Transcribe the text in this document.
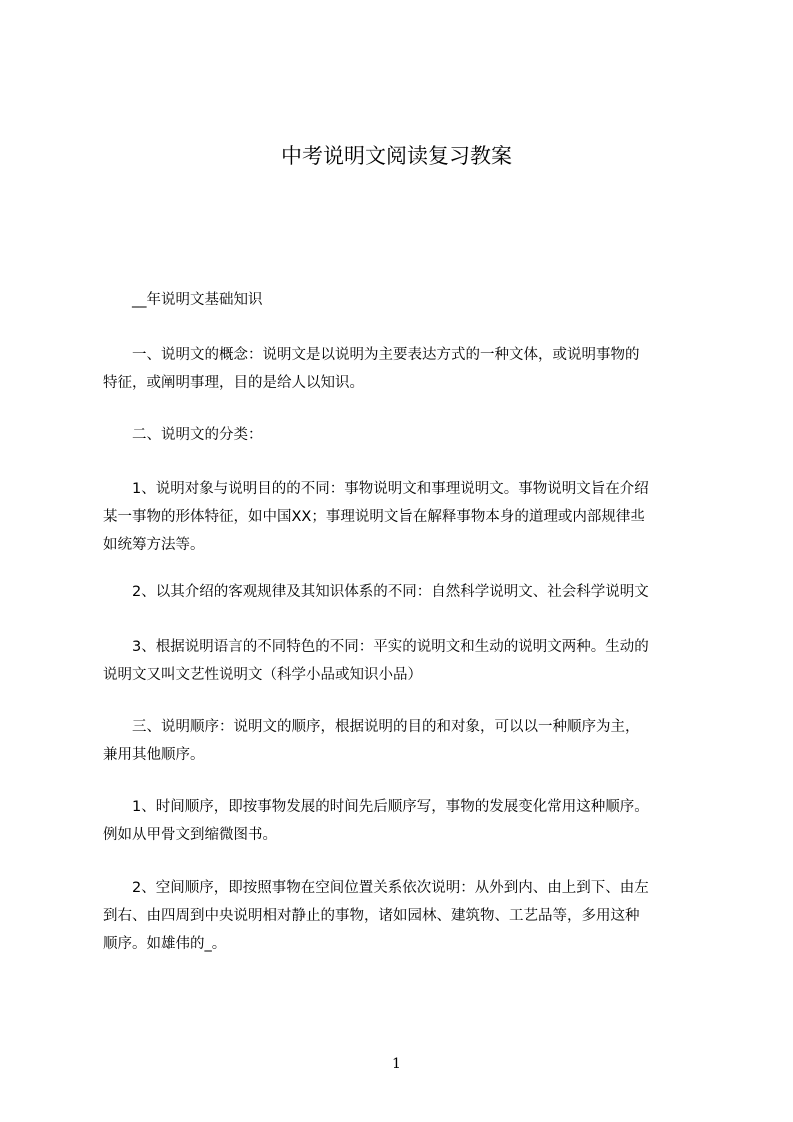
中考说明文阅读复习教案
　　__年说明文基础知识
　　一、说明文的概念：说明文是以说明为主要表达方式的一种文体，或说明事物的
特征，或阐明事理，目的是给人以知识。
　　二、说明文的分类：
　　1、说明对象与说明目的的不同：事物说明文和事理说明文。事物说明文旨在介绍
某一事物的形体特征，如中国XX；事理说明文旨在解释事物本身的道理或内部规律丠
如统筹方法等。
　　2、以其介绍的客观规律及其知识体系的不同：自然科学说明文、社会科学说明文
　　3、根据说明语言的不同特色的不同：平实的说明文和生动的说明文两种。生动的
说明文又叫文艺性说明文（科学小品或知识小品）
　　三、说明顺序：说明文的顺序，根据说明的目的和对象，可以以一种顺序为主，
兼用其他顺序。
　　1、时间顺序，即按事物发展的时间先后顺序写，事物的发展变化常用这种顺序。
例如从甲骨文到缩微图书。
　　2、空间顺序，即按照事物在空间位置关系依次说明：从外到内、由上到下、由左
到右、由四周到中央说明相对静止的事物，诸如园林、建筑物、工艺品等，多用这种
顺序。如雄伟的_。
1
